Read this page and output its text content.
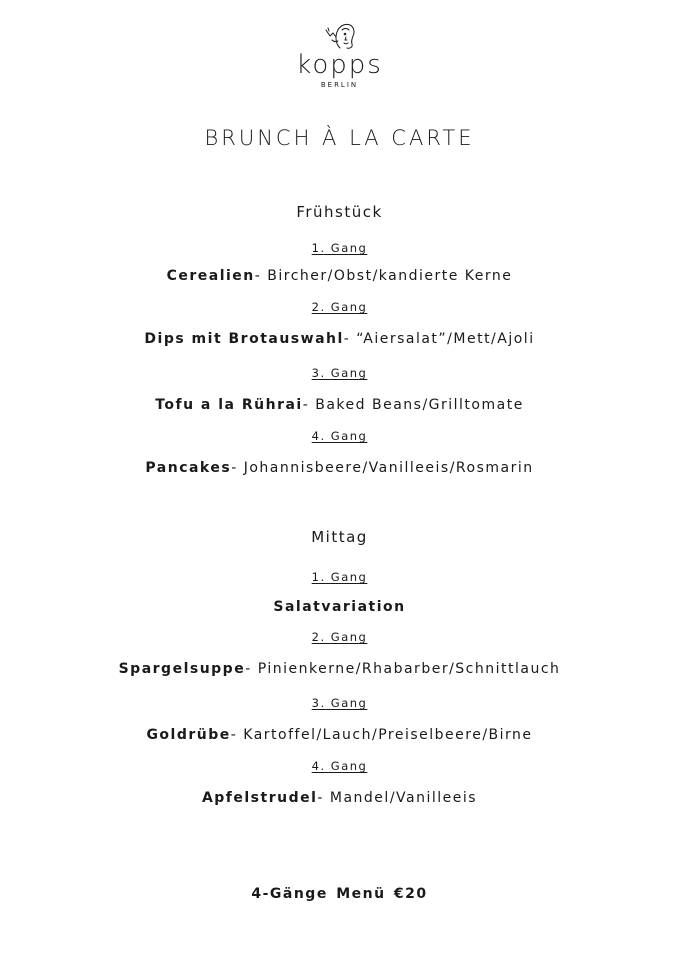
kopps
BERLIN
BRUNCH À LA CARTE
Frühstück
1. Gang
Cerealien- Bircher/Obst/kandierte Kerne
2. Gang
Dips mit Brotauswahl- “Aiersalat”/Mett/Ajoli
3. Gang
Tofu a la Rührai- Baked Beans/Grilltomate
4. Gang
Pancakes- Johannisbeere/Vanilleeis/Rosmarin
Mittag
1. Gang
Salatvariation
2. Gang
Spargelsuppe- Pinienkerne/Rhabarber/Schnittlauch
3. Gang
Goldrübe- Kartoffel/Lauch/Preiselbeere/Birne
4. Gang
Apfelstrudel- Mandel/Vanilleeis
4-Gänge Menü €20
